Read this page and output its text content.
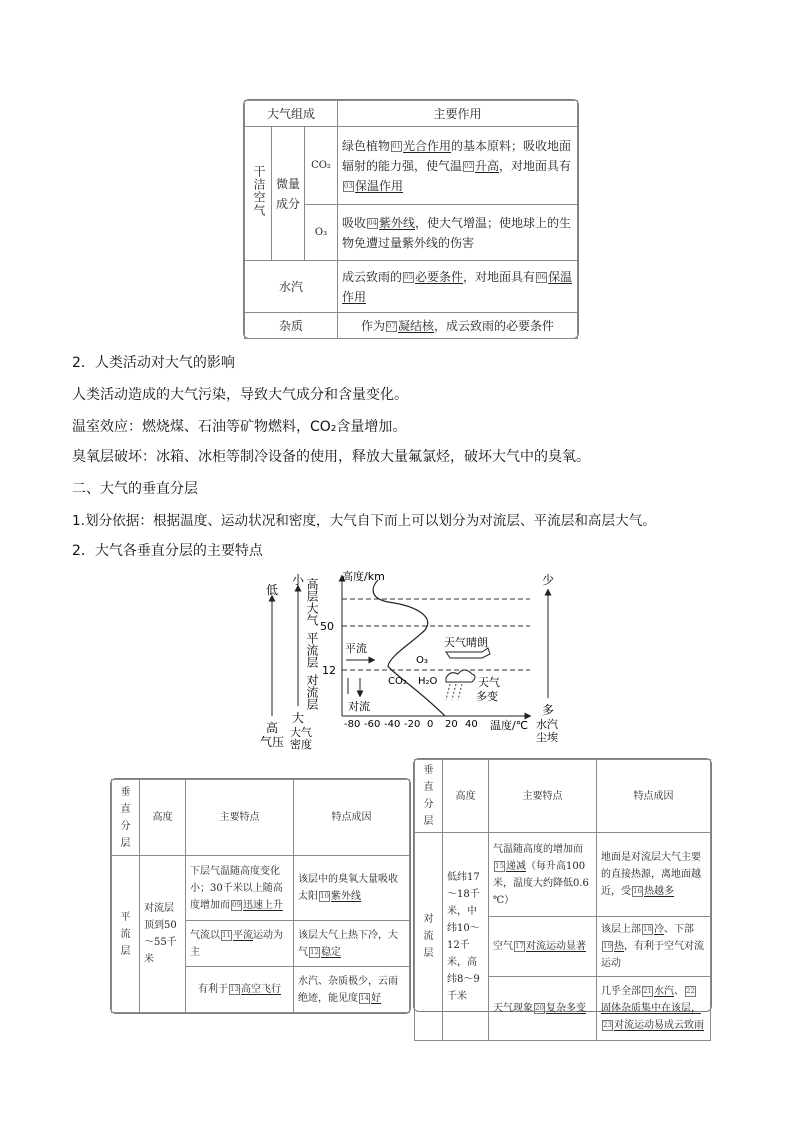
大气组成			主要作用
干洁空气	微量成分	CO₂	绿色植物 01 光合作用的基本原料；吸收地面辐射的能力强，使气温 02 升高，对地面具有03 保温作用
		O₃	吸收 04 紫外线，使大气增温；使地球上的生物免遭过量紫外线的伤害
水汽			成云致雨的 05 必要条件，对地面具有 06 保温作用
杂质			作为 07 凝结核，成云致雨的必要条件
2．人类活动对大气的影响
人类活动造成的大气污染，导致大气成分和含量变化。
温室效应：燃烧煤、石油等矿物燃料，CO₂含量增加。
臭氧层破坏：冰箱、冰柜等制冷设备的使用，释放大量氟氯烃，破坏大气中的臭氧。
二、大气的垂直分层
1.划分依据：根据温度、运动状况和密度，大气自下而上可以划分为对流层、平流层和高层大气。
2．大气各垂直分层的主要特点
低
高
气压
小
大
大气
密度
高层大气
平流层
对流层
高度/km
温度/℃
50
12
-80 -60 -40 -20 0 20 40
平流
对流
O₃
CO₂ H₂O
天气晴朗
天气
多变
少
多
水汽
尘埃
垂直分层	高度	主要特点	特点成因
平流层	对流层顶到50～55千米	下层气温随高度变化小；30千米以上随高度增加而 09 迅速上升	该层中的臭氧大量吸收太阳 10 紫外线
		气流以 11 平流运动为主	该层大气上热下冷，大气 12 稳定
		有利于 13 高空飞行	水汽、杂质极少，云雨绝迹，能见度 14 好
垂直分层	高度	主要特点	特点成因
对流层	低纬17～18千米，中纬10～12千米，高纬8～9千米	气温随高度的增加而15 递减（每升高100米，温度大约降低0.6 ℃）	地面是对流层大气主要的直接热源，离地面越近，受 16 热越多
		空气 17 对流运动显著	该层上部 18 冷、下部19 热，有利于空气对流运动
		天气现象 20 复杂多变	几乎全部 21 水汽、 22固体杂质集中在该层，23 对流运动易成云致雨
